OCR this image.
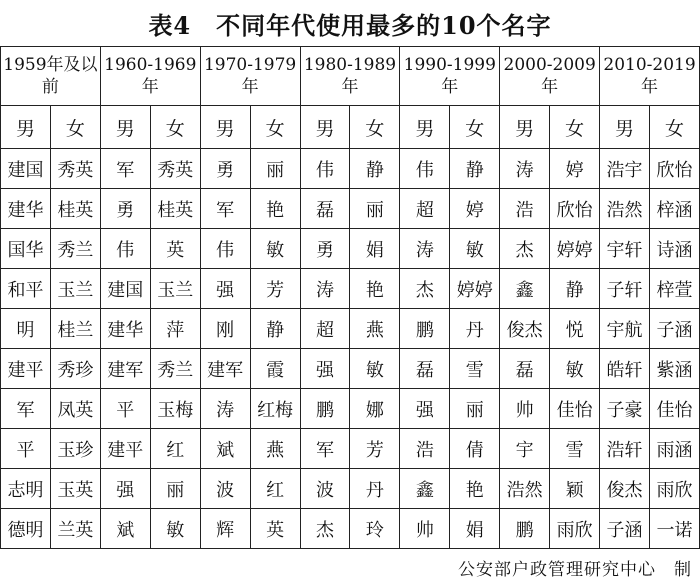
表4　不同年代使用最多的10个名字
1959年及以前		1960-1969年		1970-1979年		1980-1989年		1990-1999年		2000-2009年		2010-2019年	
男	女	男	女	男	女	男	女	男	女	男	女	男	女
建国	秀英	军	秀英	勇	丽	伟	静	伟	静	涛	婷	浩宇	欣怡
建华	桂英	勇	桂英	军	艳	磊	丽	超	婷	浩	欣怡	浩然	梓涵
国华	秀兰	伟	英	伟	敏	勇	娟	涛	敏	杰	婷婷	宇轩	诗涵
和平	玉兰	建国	玉兰	强	芳	涛	艳	杰	婷婷	鑫	静	子轩	梓萱
明	桂兰	建华	萍	刚	静	超	燕	鹏	丹	俊杰	悦	宇航	子涵
建平	秀珍	建军	秀兰	建军	霞	强	敏	磊	雪	磊	敏	皓轩	紫涵
军	凤英	平	玉梅	涛	红梅	鹏	娜	强	丽	帅	佳怡	子豪	佳怡
平	玉珍	建平	红	斌	燕	军	芳	浩	倩	宇	雪	浩轩	雨涵
志明	玉英	强	丽	波	红	波	丹	鑫	艳	浩然	颖	俊杰	雨欣
德明	兰英	斌	敏	辉	英	杰	玲	帅	娟	鹏	雨欣	子涵	一诺
公安部户政管理研究中心　制
